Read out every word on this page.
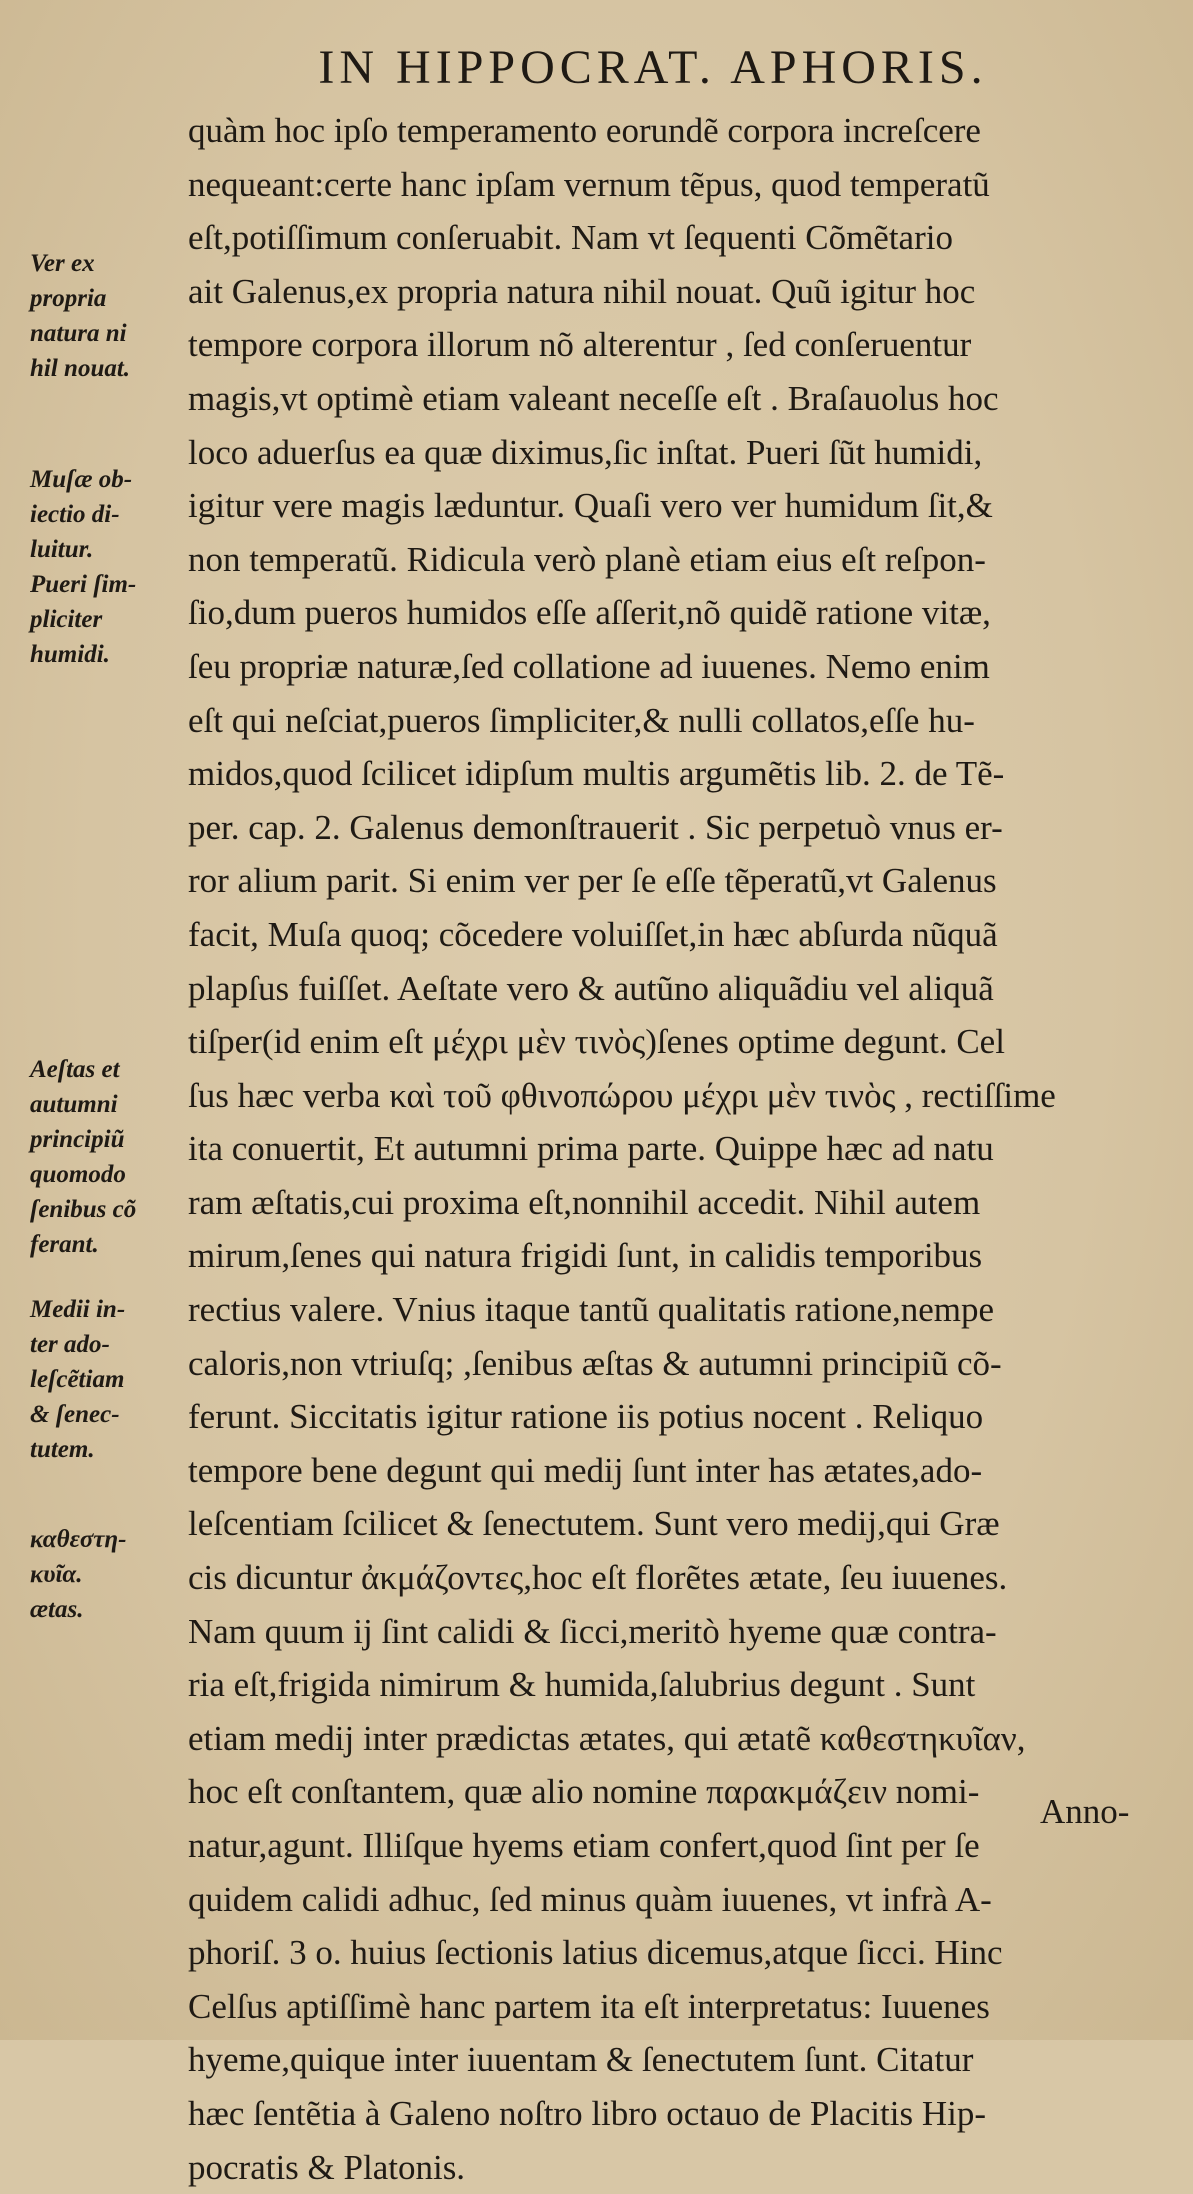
IN HIPPOCRAT. APHORIS.
Ver ex
propria
natura ni
hil nouat.
Muſæ ob-
iectio di-
luitur.
Pueri ſim-
pliciter
humidi.
Aeſtas et
autumni
principiũ
quomodo
ſenibus cõ
ferant.
Medii in-
ter ado-
leſcẽtiam
& ſenec-
tutem.
καθεστη-
κυῖα.
ætas.
quàm hoc ipſo temperamento eorundẽ corpora increſcere
nequeant:certe hanc ipſam vernum tẽpus, quod temperatũ
eſt,potiſſimum conſeruabit. Nam vt ſequenti Cõmẽtario
ait Galenus,ex propria natura nihil nouat. Quũ igitur hoc
tempore corpora illorum nõ alterentur , ſed conſeruentur
magis,vt optimè etiam valeant neceſſe eſt . Braſauolus hoc
loco aduerſus ea quæ diximus,ſic inſtat. Pueri ſũt humidi,
igitur vere magis læduntur. Quaſi vero ver humidum ſit,&
non temperatũ. Ridicula verò planè etiam eius eſt reſpon-
ſio,dum pueros humidos eſſe aſſerit,nõ quidẽ ratione vitæ,
ſeu propriæ naturæ,ſed collatione ad iuuenes. Nemo enim
eſt qui neſciat,pueros ſimpliciter,& nulli collatos,eſſe hu-
midos,quod ſcilicet idipſum multis argumẽtis lib. 2. de Tẽ-
per. cap. 2. Galenus demonſtrauerit . Sic perpetuò vnus er-
ror alium parit. Si enim ver per ſe eſſe tẽperatũ,vt Galenus
facit, Muſa quoq; cõcedere voluiſſet,in hæc abſurda nũquã
plapſus fuiſſet. Aeſtate vero & autũno aliquãdiu vel aliquã
tiſper(id enim eſt μέχρι μὲν τινὸς)ſenes optime degunt. Cel
ſus hæc verba καὶ τοῦ φθινοπώρου μέχρι μὲν τινὸς , rectiſſime
ita conuertit, Et autumni prima parte. Quippe hæc ad natu
ram æſtatis,cui proxima eſt,nonnihil accedit. Nihil autem
mirum,ſenes qui natura frigidi ſunt, in calidis temporibus
rectius valere. Vnius itaque tantũ qualitatis ratione,nempe
caloris,non vtriuſq; ,ſenibus æſtas & autumni principiũ cõ-
ferunt. Siccitatis igitur ratione iis potius nocent . Reliquo
tempore bene degunt qui medij ſunt inter has ætates,ado-
leſcentiam ſcilicet & ſenectutem. Sunt vero medij,qui Græ
cis dicuntur ἀκμάζοντες,hoc eſt florẽtes ætate, ſeu iuuenes.
Nam quum ij ſint calidi & ſicci,meritò hyeme quæ contra-
ria eſt,frigida nimirum & humida,ſalubrius degunt . Sunt
etiam medij inter prædictas ætates, qui ætatẽ καθεστηκυῖαν,
hoc eſt conſtantem, quæ alio nomine παρακμάζειν nomi-
natur,agunt. Illiſque hyems etiam confert,quod ſint per ſe
quidem calidi adhuc, ſed minus quàm iuuenes, vt infrà A-
phoriſ. 3 o. huius ſectionis latius dicemus,atque ſicci. Hinc
Celſus aptiſſimè hanc partem ita eſt interpretatus: Iuuenes
hyeme,quique inter iuuentam & ſenectutem ſunt. Citatur
hæc ſentẽtia à Galeno noſtro libro octauo de Placitis Hip-
pocratis & Platonis.
Anno-
